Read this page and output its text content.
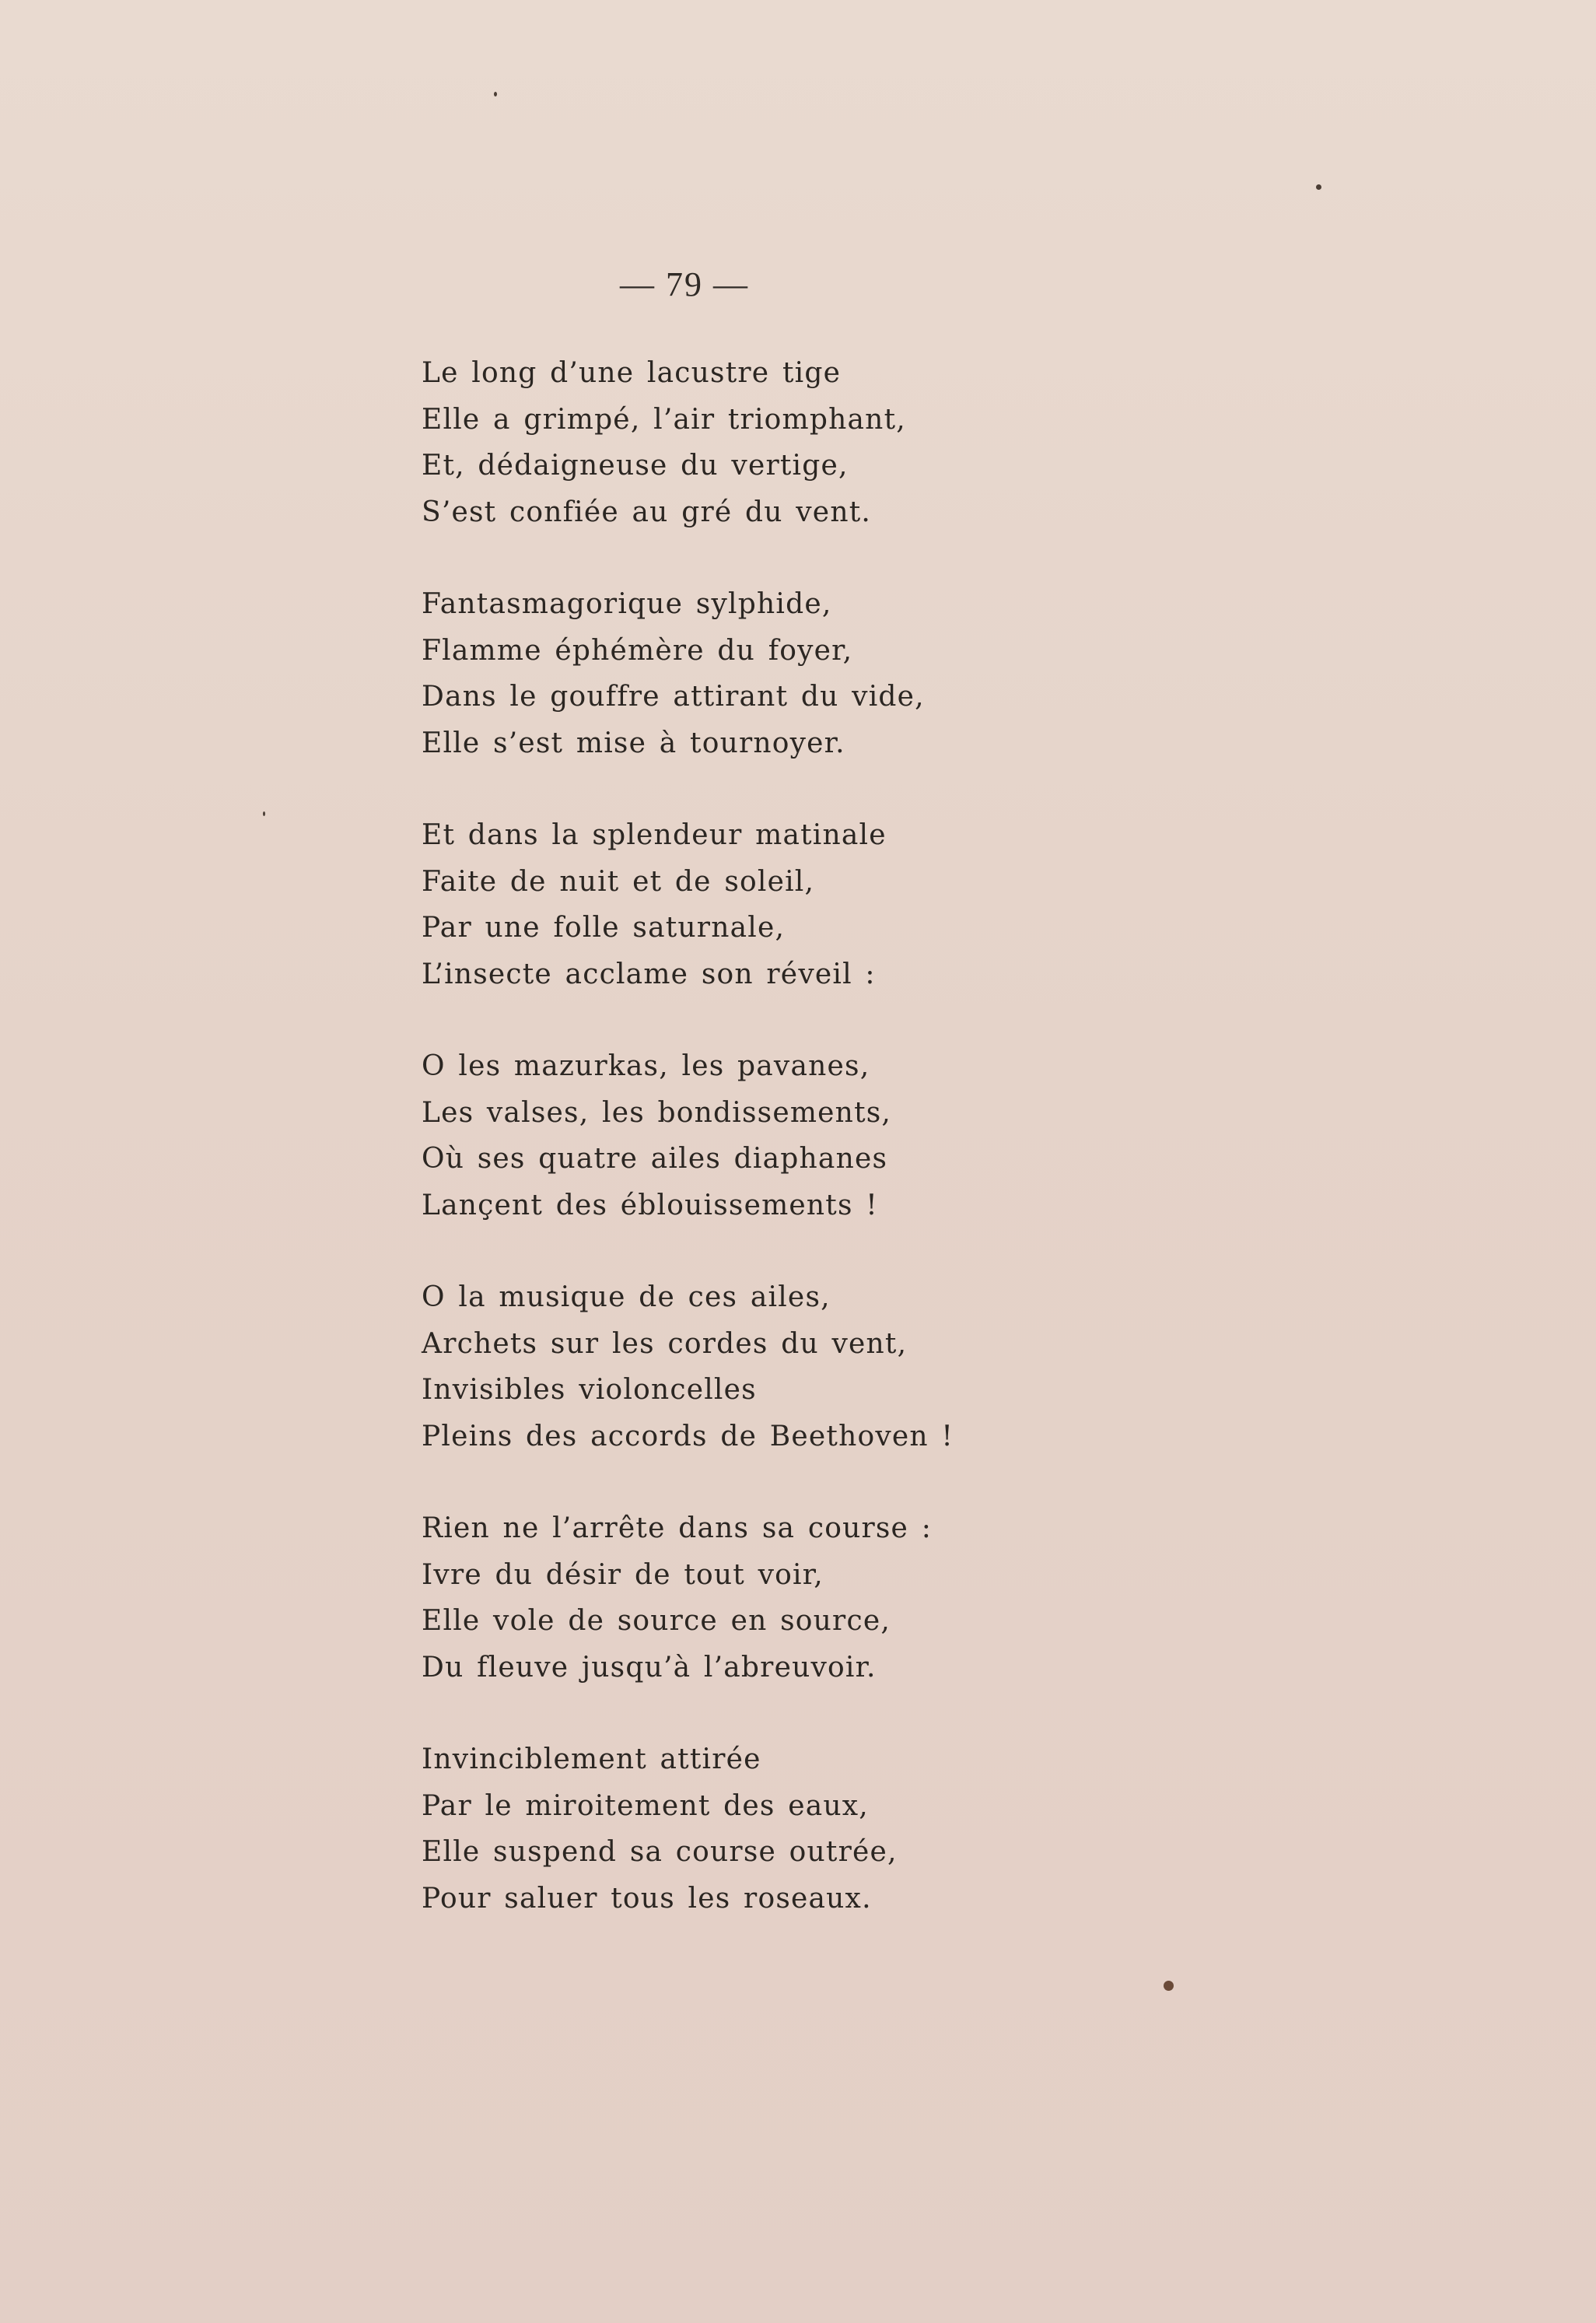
— 79 —
Le long d’une lacustre tige
Elle a grimpé, l’air triomphant,
Et, dédaigneuse du vertige,
S’est confiée au gré du vent.
Fantasmagorique sylphide,
Flamme éphémère du foyer,
Dans le gouffre attirant du vide,
Elle s’est mise à tournoyer.
Et dans la splendeur matinale
Faite de nuit et de soleil,
Par une folle saturnale,
L’insecte acclame son réveil :
O les mazurkas, les pavanes,
Les valses, les bondissements,
Où ses quatre ailes diaphanes
Lançent des éblouissements !
O la musique de ces ailes,
Archets sur les cordes du vent,
Invisibles violoncelles
Pleins des accords de Beethoven !
Rien ne l’arrête dans sa course :
Ivre du désir de tout voir,
Elle vole de source en source,
Du fleuve jusqu’à l’abreuvoir.
Invinciblement attirée
Par le miroitement des eaux,
Elle suspend sa course outrée,
Pour saluer tous les roseaux.
